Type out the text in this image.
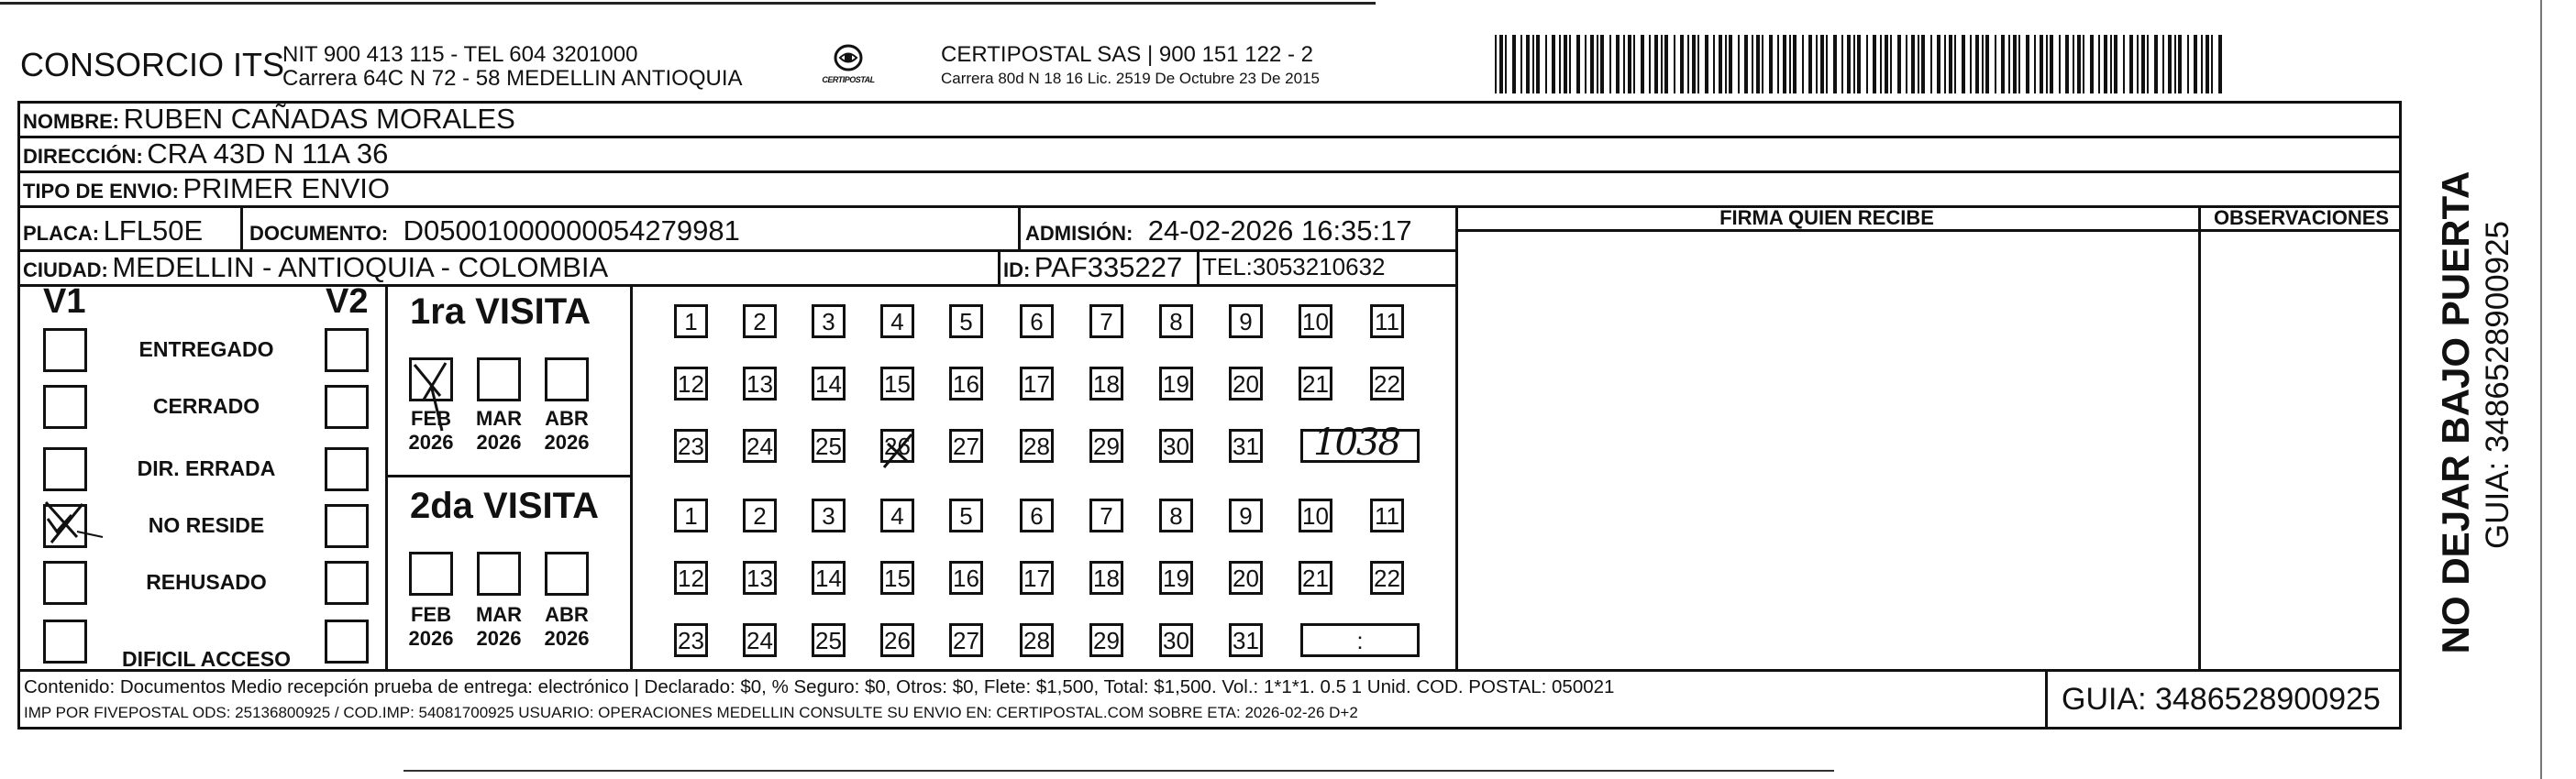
CONSORCIO ITS
NIT 900 413 115 - TEL 604 3201000
Carrera 64C N 72 - 58 MEDELLIN ANTIOQUIA	CERTIPOSTAL
CERTIPOSTAL SAS | 900 151 122 - 2
Carrera 80d N 18 16 Lic. 2519 De Octubre 23 De 2015
NOMBRE: RUBEN CAÑADAS MORALES
DIRECCIÓN: CRA 43D N 11A 36
TIPO DE ENVIO: PRIMER ENVIO
PLACA: LFL50E DOCUMENTO: D05001000000054279981	ADMISIÓN: 24-02-2026 16:35:17
CIUDAD: MEDELLIN - ANTIOQUIA - COLOMBIA	ID: PAF335227 TEL:3053210632
FIRMA QUIEN RECIBE	OBSERVACIONES
V1	V2
ENTREGADO
CERRADO
DIR. ERRADA
NO RESIDE
REHUSADO
DIFICIL ACCESO
1ra VISITA
2da VISITA
FEB
2026
MAR
2026
ABR
2026
FEB
2026
MAR
2026
ABR
2026
1	2	3	4	5	6	7	8	9	10 11
12 13 14 15 16 17 18 19 20 21 22
23 24 25 26 27 28 29 30 31
1	2	3	4	5	6	7	8	9	10 11
12 13 14 15 16 17 18 19 20 21 22
23 24 25 26 27 28 29 30 31	:
1038
Contenido: Documentos Medio recepción prueba de entrega: electrónico | Declarado: $0, % Seguro: $0, Otros: $0, Flete: $1,500, Total: $1,500. Vol.: 1*1*1. 0.5 1 Unid. COD. POSTAL: 050021
IMP POR FIVEPOSTAL ODS: 25136800925 / COD.IMP: 54081700925 USUARIO: OPERACIONES MEDELLIN CONSULTE SU ENVIO EN: CERTIPOSTAL.COM SOBRE ETA: 2026-02-26 D+2	GUIA: 3486528900925
NO DEJAR BAJO PUERTA GUIA: 3486528900925
